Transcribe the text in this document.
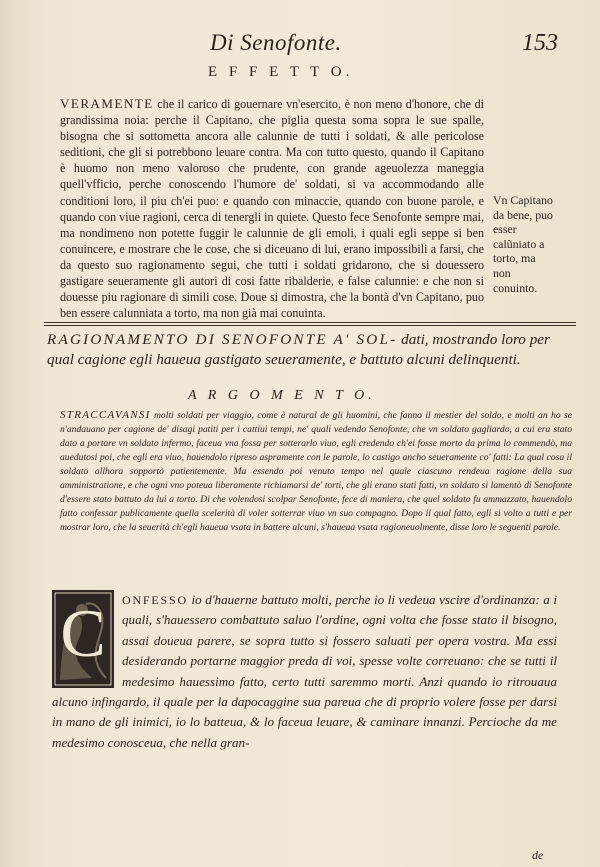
Di Senofonte.	153
E F F E T T O.
VERAMENTE che il carico di gouernare vn'esercito, è non meno d'honore, che di grandissima noia: perche il Capitano, che piglia questa soma sopra le sue spalle, bisogna che si sottometta ancora alle calunnie de tutti i soldati, & alle pericolose seditioni, che gli si potrebbono leuare contra. Ma con tutto questo, quando il Capitano è huomo non meno valoroso che prudente, con grande ageuolezza maneggia quell'vfficio, perche conoscendo l'humore de' soldati, si va accommodando alle conditioni loro, il piu ch'ei puo: e quando con minaccie, quando con buone parole, e quando con viue ragioni, cerca di tenergli in quiete. Questo fece Senofonte sempre mai, ma nondimeno non potette fuggir le calunnie de gli emoli, i quali egli seppe si ben conuincere, e mostrare che le cose, che si diceuano di lui, erano impossibili a farsi, che da questo suo ragionamento segui, che tutti i soldati gridarono, che si douessero gastigare seueramente gli autori di cosi fatte ribalderie, e false calunnie: e che non si douesse piu ragionare di simili cose. Doue si dimostra, che la bontà d'vn Capitano, puo ben essere calunniata a torto, ma non già mai conuinta.
Vn Capitano da bene, puo esser calũniato a torto, ma non conuinto.
RAGIONAMENTO DI SENOFONTE A' SOL- dati, mostrando loro per qual cagione egli haueua gastigato seueramente, e battuto alcuni delinquenti.
A R G O M E N T O.
STRACCAVANSI molti soldati per viaggio, come è natural de gli huomini, che fanno il mestier del soldo, e molti an ho se n'andauano per cagione de' disagi patiti per i cattiui tempi, ne' quali vedendo Senofonte, che vn soldato gagliardo, a cui era stato dato a portare vn soldato infermo, faceua vna fossa per sotterarlo viuo, egli credendo ch'ei fosse morto da prima lo commendò, ma auedutosi poi, che egli era viuo, hauendolo ripreso aspramente con le parole, lo castigo ancho seueramente co' fatti: La qual cosa il soldato allhora sopportò patientemente. Ma essendo poi venuto tempo nel quale ciascuno rendeua ragione della sua amministratione, e che ogni vno poteua liberamente richiamarsi de' torti, che gli erano stati fatti, vn soldato si lamentò di Senofonte d'essere stato battuto da lui a torto. Di che volendosi scolpar Senofonte, fece di maniera, che quel soldato fu ammazzato, hauendolo fatto confessar publicamente quella scelerità di voler sotterrar viuo vn suo compagno. Dopo il qual fatto, egli si volto a tutti e per mostrar loro, che la seuerità ch'egli haueua vsata in battere alcuni, s'haueua vsata ragioneuolmente, disse loro le seguenti parole.
ONFESSO io d'hauerne battuto molti, perche io li vedeua vscire d'ordinanza: a i quali, s'hauessero combattuto saluo l'ordine, ogni volta che fosse stato il bisogno, assai doueua parere, se sopra tutto si fossero saluati per opera vostra. Ma essi desiderando portarne maggior preda di voi, spesse volte correuano: che se tutti il medesimo hauessimo fatto, certo tutti saremmo morti. Anzi quando io ritrouaua alcuno infingardo, il quale per la dapocaggine sua pareua che di proprio volere fosse per darsi in mano de gli inimici, io lo batteua, & lo faceua leuare, & caminare innanzi. Percioche da me medesimo conosceua, che nella gran-
C
de
